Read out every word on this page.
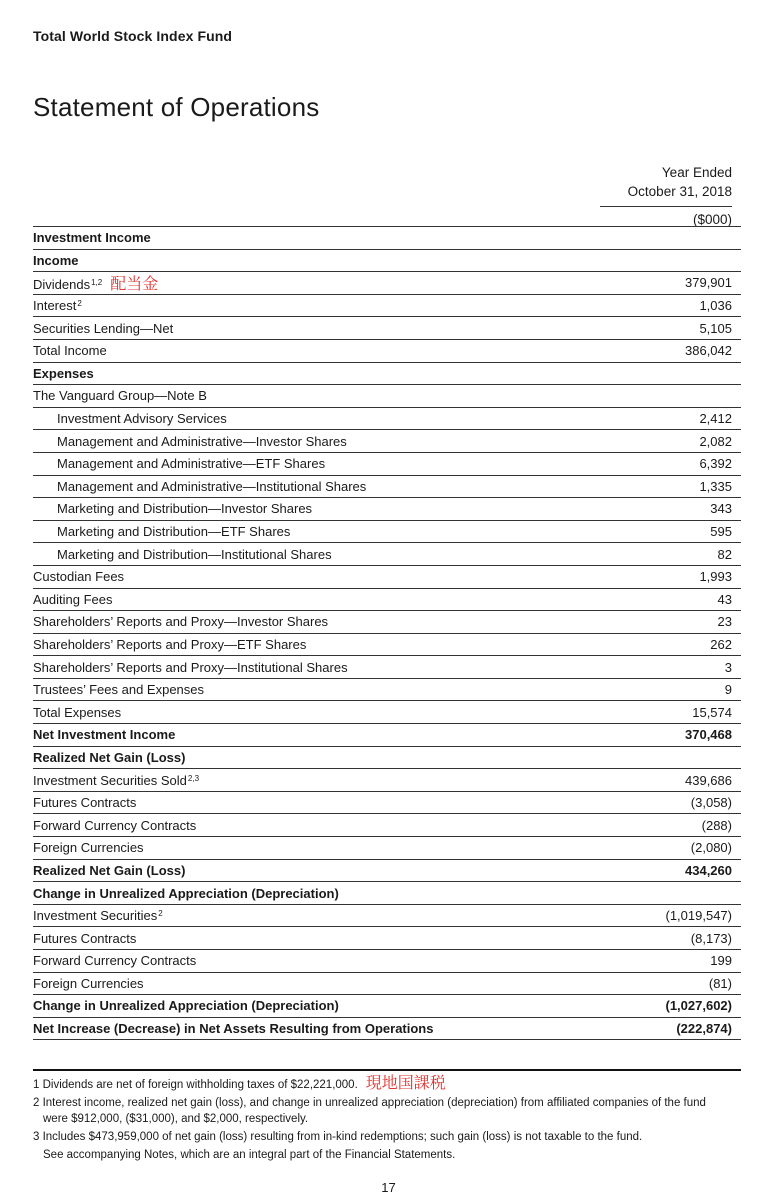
Total World Stock Index Fund
Statement of Operations
Year Ended
October 31, 2018
($000)
Investment Income
Income
Dividends$^{1,2}$ 配当金	379,901
Interest$^2$	1,036
Securities Lending—Net	5,105
Total Income	386,042
Expenses
The Vanguard Group—Note B
Investment Advisory Services	2,412
Management and Administrative—Investor Shares	2,082
Management and Administrative—ETF Shares	6,392
Management and Administrative—Institutional Shares	1,335
Marketing and Distribution—Investor Shares	343
Marketing and Distribution—ETF Shares	595
Marketing and Distribution—Institutional Shares	82
Custodian Fees	1,993
Auditing Fees	43
Shareholders’ Reports and Proxy—Investor Shares	23
Shareholders’ Reports and Proxy—ETF Shares	262
Shareholders’ Reports and Proxy—Institutional Shares	3
Trustees’ Fees and Expenses	9
Total Expenses	15,574
Net Investment Income	370,468
Realized Net Gain (Loss)
Investment Securities Sold$^{2,3}$	439,686
Futures Contracts	(3,058)
Forward Currency Contracts	(288)
Foreign Currencies	(2,080)
Realized Net Gain (Loss)	434,260
Change in Unrealized Appreciation (Depreciation)
Investment Securities$^2$	(1,019,547)
Futures Contracts	(8,173)
Forward Currency Contracts	199
Foreign Currencies	(81)
Change in Unrealized Appreciation (Depreciation)	(1,027,602)
Net Increase (Decrease) in Net Assets Resulting from Operations	(222,874)

1 Dividends are net of foreign withholding taxes of $22,221,000. 現地国課税

2 Interest income, realized net gain (loss), and change in unrealized appreciation (depreciation) from affiliated companies of the fund
were $912,000, ($31,000), and $2,000, respectively.

3 Includes $473,959,000 of net gain (loss) resulting from in-kind redemptions; such gain (loss) is not taxable to the fund.

See accompanying Notes, which are an integral part of the Financial Statements.

17
